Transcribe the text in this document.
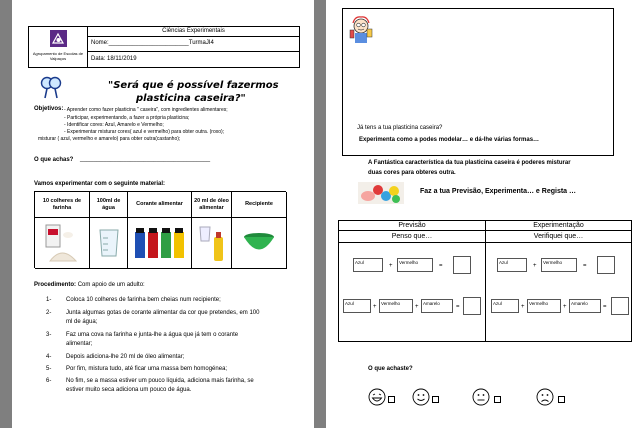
Agrupamento de Escolas de Valpaços
Ciências Experimentais
Nome:________________________TurmaJI4
Data: 18/11/2019
"Será que é possível fazermos
plasticina caseira?"
Objetivos: - Aprender como fazer plasticina " caseira", com ingredientes alimentares;
- Participar, experimentando, a fazer a própria plasticina;
- Identificar cores: Azul, Amarelo e Vermelho;
- Experimentar misturar cores( azul e vermelho) para obter outra. (roxo);
misturar ( azul, vermelho e amarelo) para obter outra(castanho);
O que achas? _______________________________________
Vamos experimentar com o seguinte material:
10 colheres de farinha
100ml de água
Corante alimentar
20 ml de óleo alimentar
Recipiente
Procedimento: Com apoio de um adulto:
1- Coloca 10 colheres de farinha bem cheias num recipiente;
2- Junta algumas gotas de corante alimentar da cor que pretendes, em 100
ml de água;
3- Faz uma cova na farinha e junta-lhe a água que já tem o corante
alimentar;
4- Depois adiciona-lhe 20 ml de óleo alimentar;
5- Por fim, mistura tudo, até ficar uma massa bem homogénea;
6- No fim, se a massa estiver um pouco líquida, adiciona mais farinha, se
estiver muito seca adiciona um pouco de água.
Já tens a tua plasticina caseira?
Experimenta como a podes modelar… e dá-lhe várias formas…
A Fantástica característica da tua plasticina caseira é poderes misturar
duas cores para obteres outra.
Faz a tua Previsão, Experimenta… e Regista …
Previsão	Experimentação
Penso que…	Verifiquei que…
Azul
+
Vermelho
=
Azul
+
Vermelho
=
Azul
+
Vermelho
+
Amarelo
=
Azul
+
Vermelho
+
Amarelo
=
O que achaste?
